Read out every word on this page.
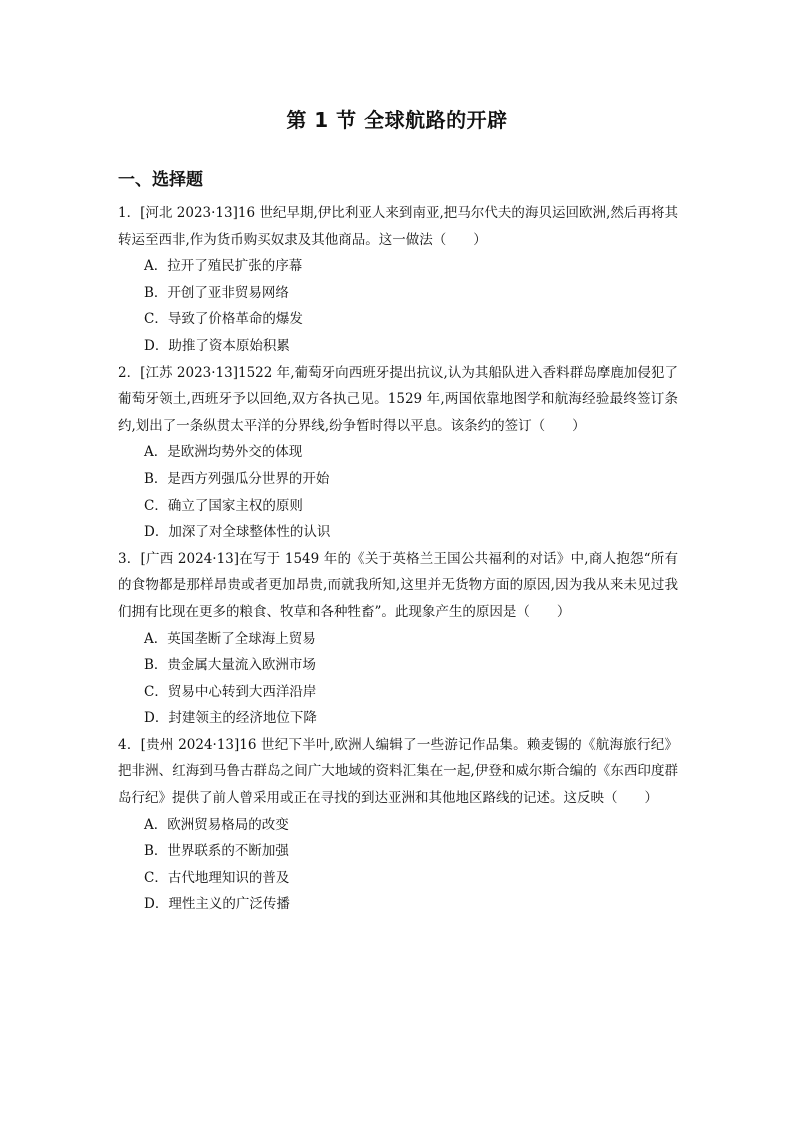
第 1 节 全球航路的开辟
一、选择题

1．[河北 2023·13]16 世纪早期,伊比利亚人来到南亚,把马尔代夫的海贝运回欧洲,然后再将其转运至西非,作为货币购买奴隶及其他商品。这一做法（　　）

A．拉开了殖民扩张的序幕
B．开创了亚非贸易网络
C．导致了价格革命的爆发
D．助推了资本原始积累

2．[江苏 2023·13]1522 年,葡萄牙向西班牙提出抗议,认为其船队进入香料群岛摩鹿加侵犯了葡萄牙领土,西班牙予以回绝,双方各执己见。1529 年,两国依靠地图学和航海经验最终签订条约,划出了一条纵贯太平洋的分界线,纷争暂时得以平息。该条约的签订（　　）

A．是欧洲均势外交的体现
B．是西方列强瓜分世界的开始
C．确立了国家主权的原则
D．加深了对全球整体性的认识

3．[广西 2024·13]在写于 1549 年的《关于英格兰王国公共福利的对话》中,商人抱怨“所有的食物都是那样昂贵或者更加昂贵,而就我所知,这里并无货物方面的原因,因为我从来未见过我们拥有比现在更多的粮食、牧草和各种牲畜”。此现象产生的原因是（　　）

A．英国垄断了全球海上贸易
B．贵金属大量流入欧洲市场
C．贸易中心转到大西洋沿岸
D．封建领主的经济地位下降

4．[贵州 2024·13]16 世纪下半叶,欧洲人编辑了一些游记作品集。赖麦锡的《航海旅行纪》把非洲、红海到马鲁古群岛之间广大地域的资料汇集在一起,伊登和威尔斯合编的《东西印度群岛行纪》提供了前人曾采用或正在寻找的到达亚洲和其他地区路线的记述。这反映（　　）

A．欧洲贸易格局的改变
B．世界联系的不断加强
C．古代地理知识的普及
D．理性主义的广泛传播
